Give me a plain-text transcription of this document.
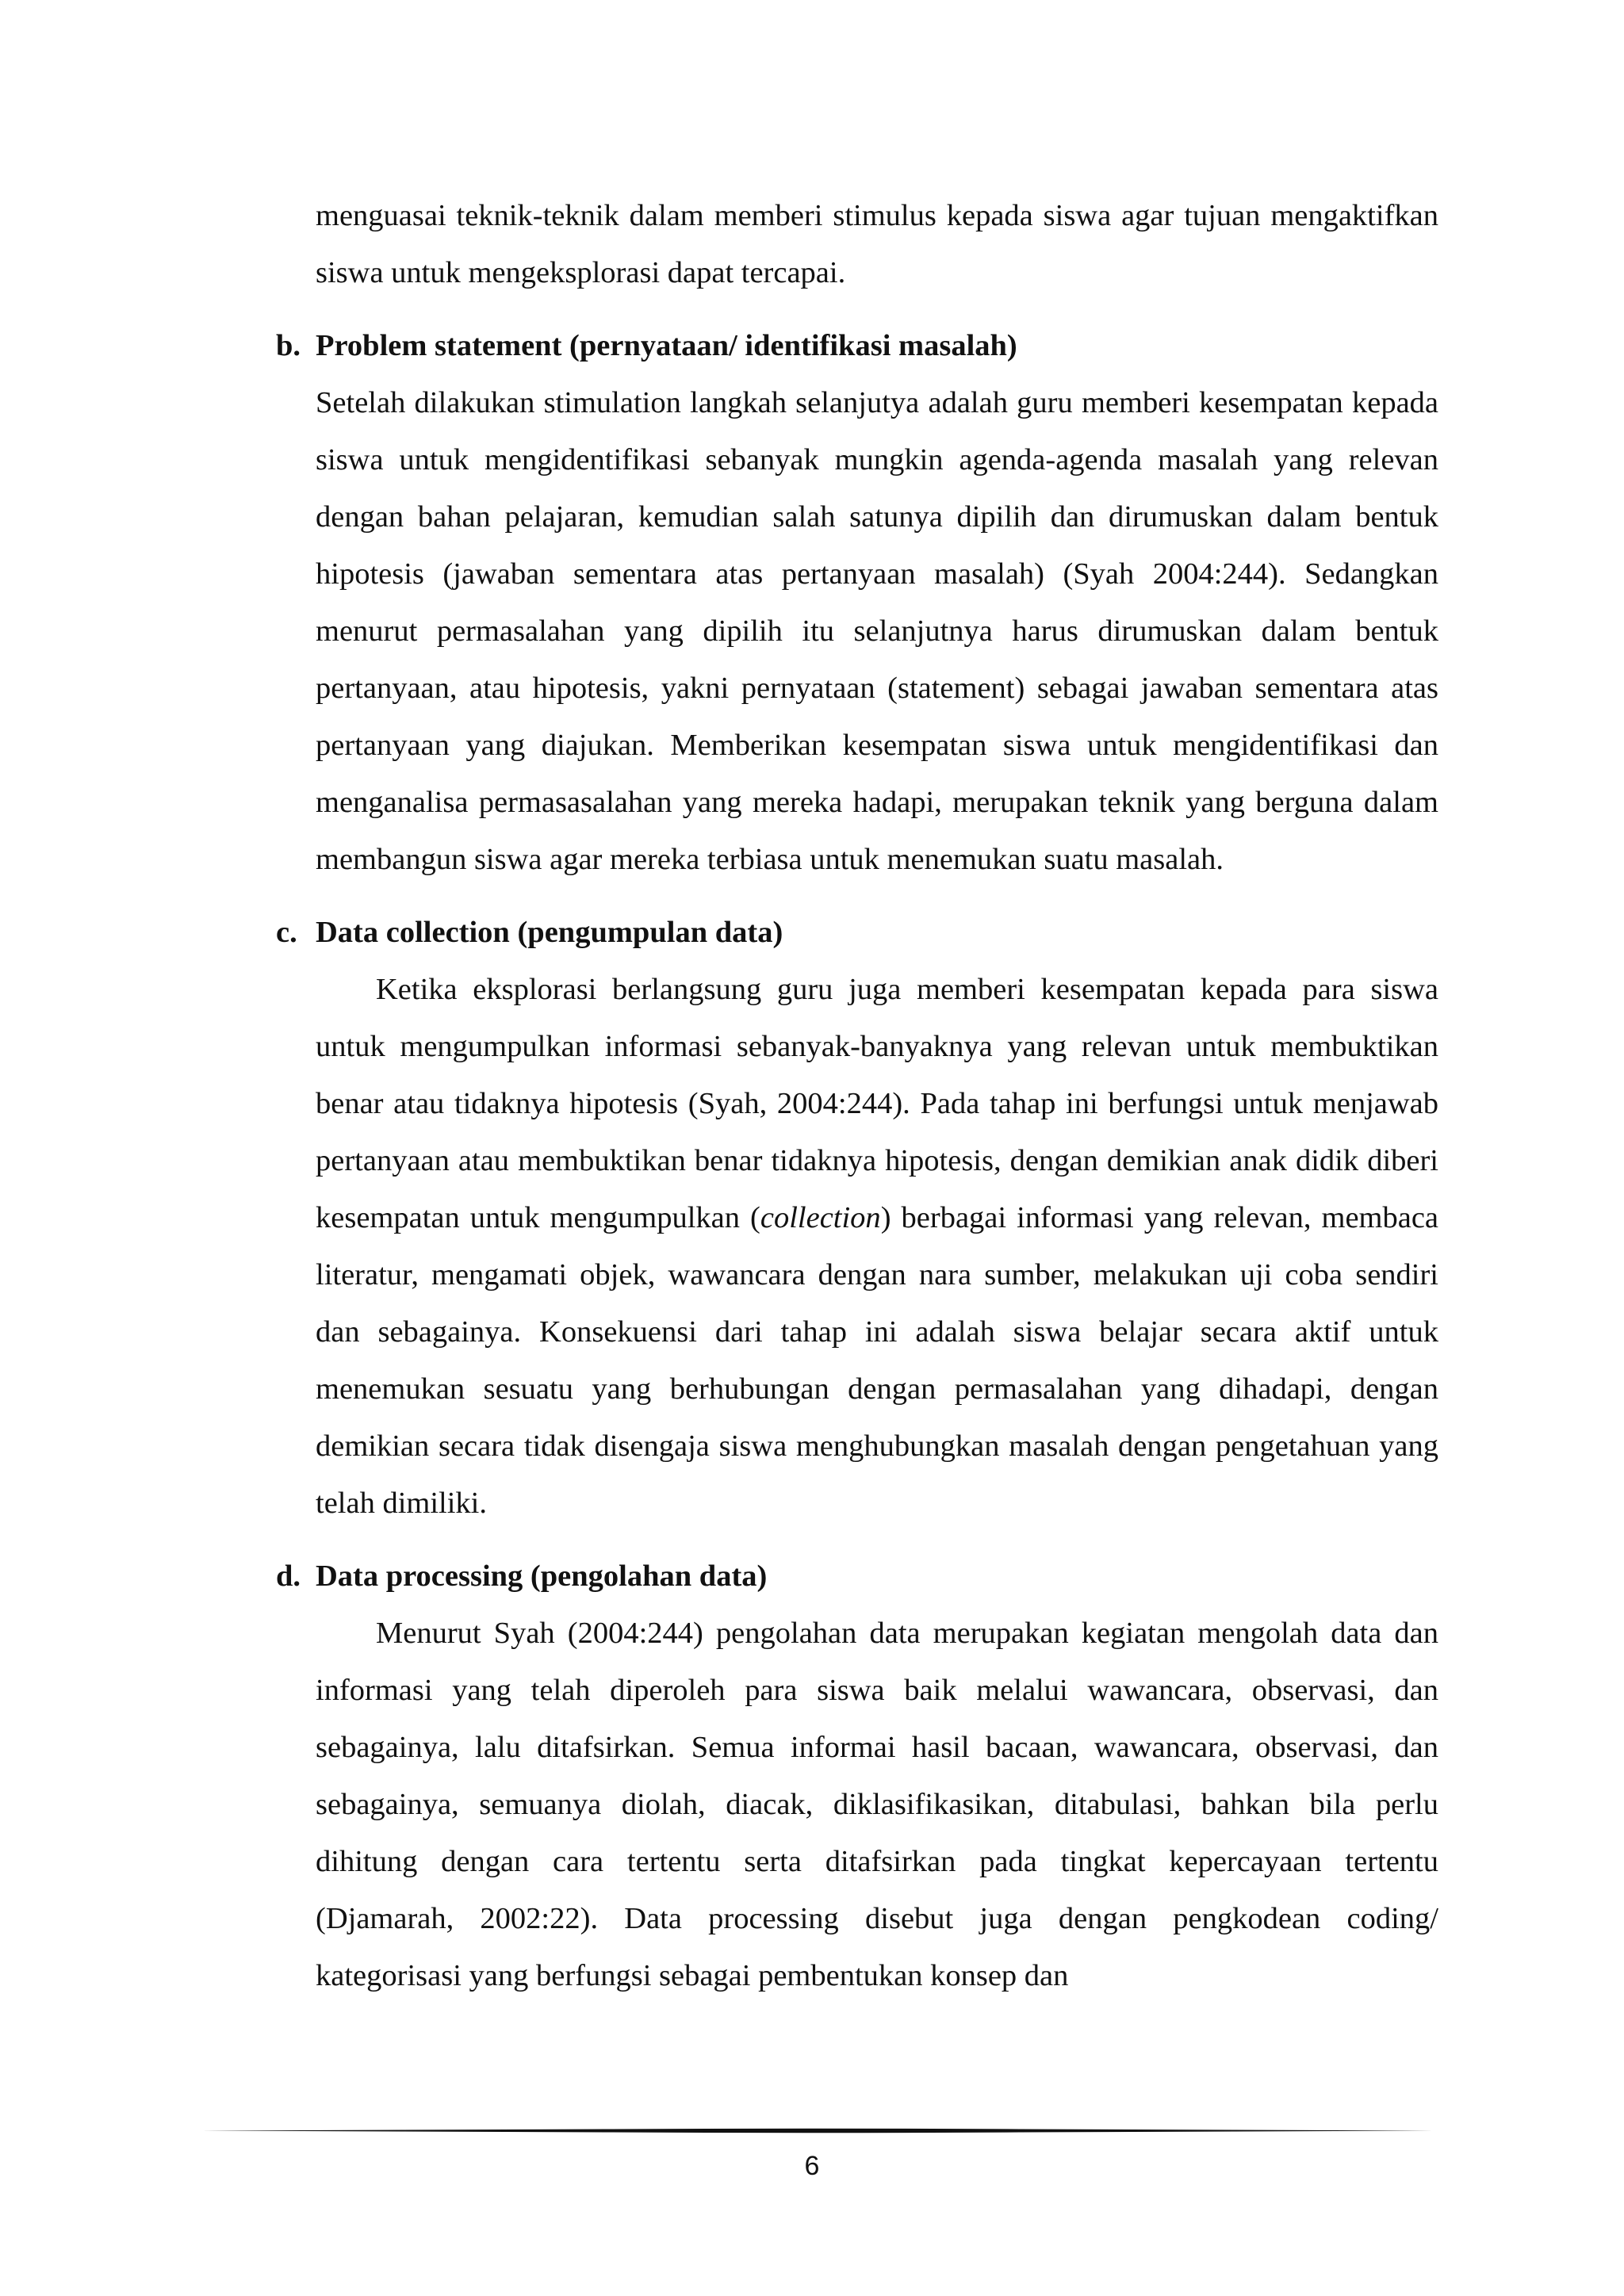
menguasai teknik-teknik dalam memberi stimulus kepada siswa agar tujuan mengaktifkan siswa untuk mengeksplorasi dapat tercapai.

b. Problem statement (pernyataan/ identifikasi masalah)

Setelah dilakukan stimulation langkah selanjutya adalah guru memberi kesempatan kepada siswa untuk mengidentifikasi sebanyak mungkin agenda-agenda masalah yang relevan dengan bahan pelajaran, kemudian salah satunya dipilih dan dirumuskan dalam bentuk hipotesis (jawaban sementara atas pertanyaan masalah) (Syah 2004:244). Sedangkan menurut permasalahan yang dipilih itu selanjutnya harus dirumuskan dalam bentuk pertanyaan, atau hipotesis, yakni pernyataan (statement) sebagai jawaban sementara atas pertanyaan yang diajukan. Memberikan kesempatan siswa untuk mengidentifikasi dan menganalisa permasasalahan yang mereka hadapi, merupakan teknik yang berguna dalam membangun siswa agar mereka terbiasa untuk menemukan suatu masalah.

c. Data collection (pengumpulan data)

Ketika eksplorasi berlangsung guru juga memberi kesempatan kepada para siswa untuk mengumpulkan informasi sebanyak-banyaknya yang relevan untuk membuktikan benar atau tidaknya hipotesis (Syah, 2004:244). Pada tahap ini berfungsi untuk menjawab pertanyaan atau membuktikan benar tidaknya hipotesis, dengan demikian anak didik diberi kesempatan untuk mengumpulkan (collection) berbagai informasi yang relevan, membaca literatur, mengamati objek, wawancara dengan nara sumber, melakukan uji coba sendiri dan sebagainya. Konsekuensi dari tahap ini adalah siswa belajar secara aktif untuk menemukan sesuatu yang berhubungan dengan permasalahan yang dihadapi, dengan demikian secara tidak disengaja siswa menghubungkan masalah dengan pengetahuan yang telah dimiliki.

d. Data processing (pengolahan data)

Menurut Syah (2004:244) pengolahan data merupakan kegiatan mengolah data dan informasi yang telah diperoleh para siswa baik melalui wawancara, observasi, dan sebagainya, lalu ditafsirkan. Semua informai hasil bacaan, wawancara, observasi, dan sebagainya, semuanya diolah, diacak, diklasifikasikan, ditabulasi, bahkan bila perlu dihitung dengan cara tertentu serta ditafsirkan pada tingkat kepercayaan tertentu (Djamarah, 2002:22). Data processing disebut juga dengan pengkodean coding/ kategorisasi yang berfungsi sebagai pembentukan konsep dan

6
